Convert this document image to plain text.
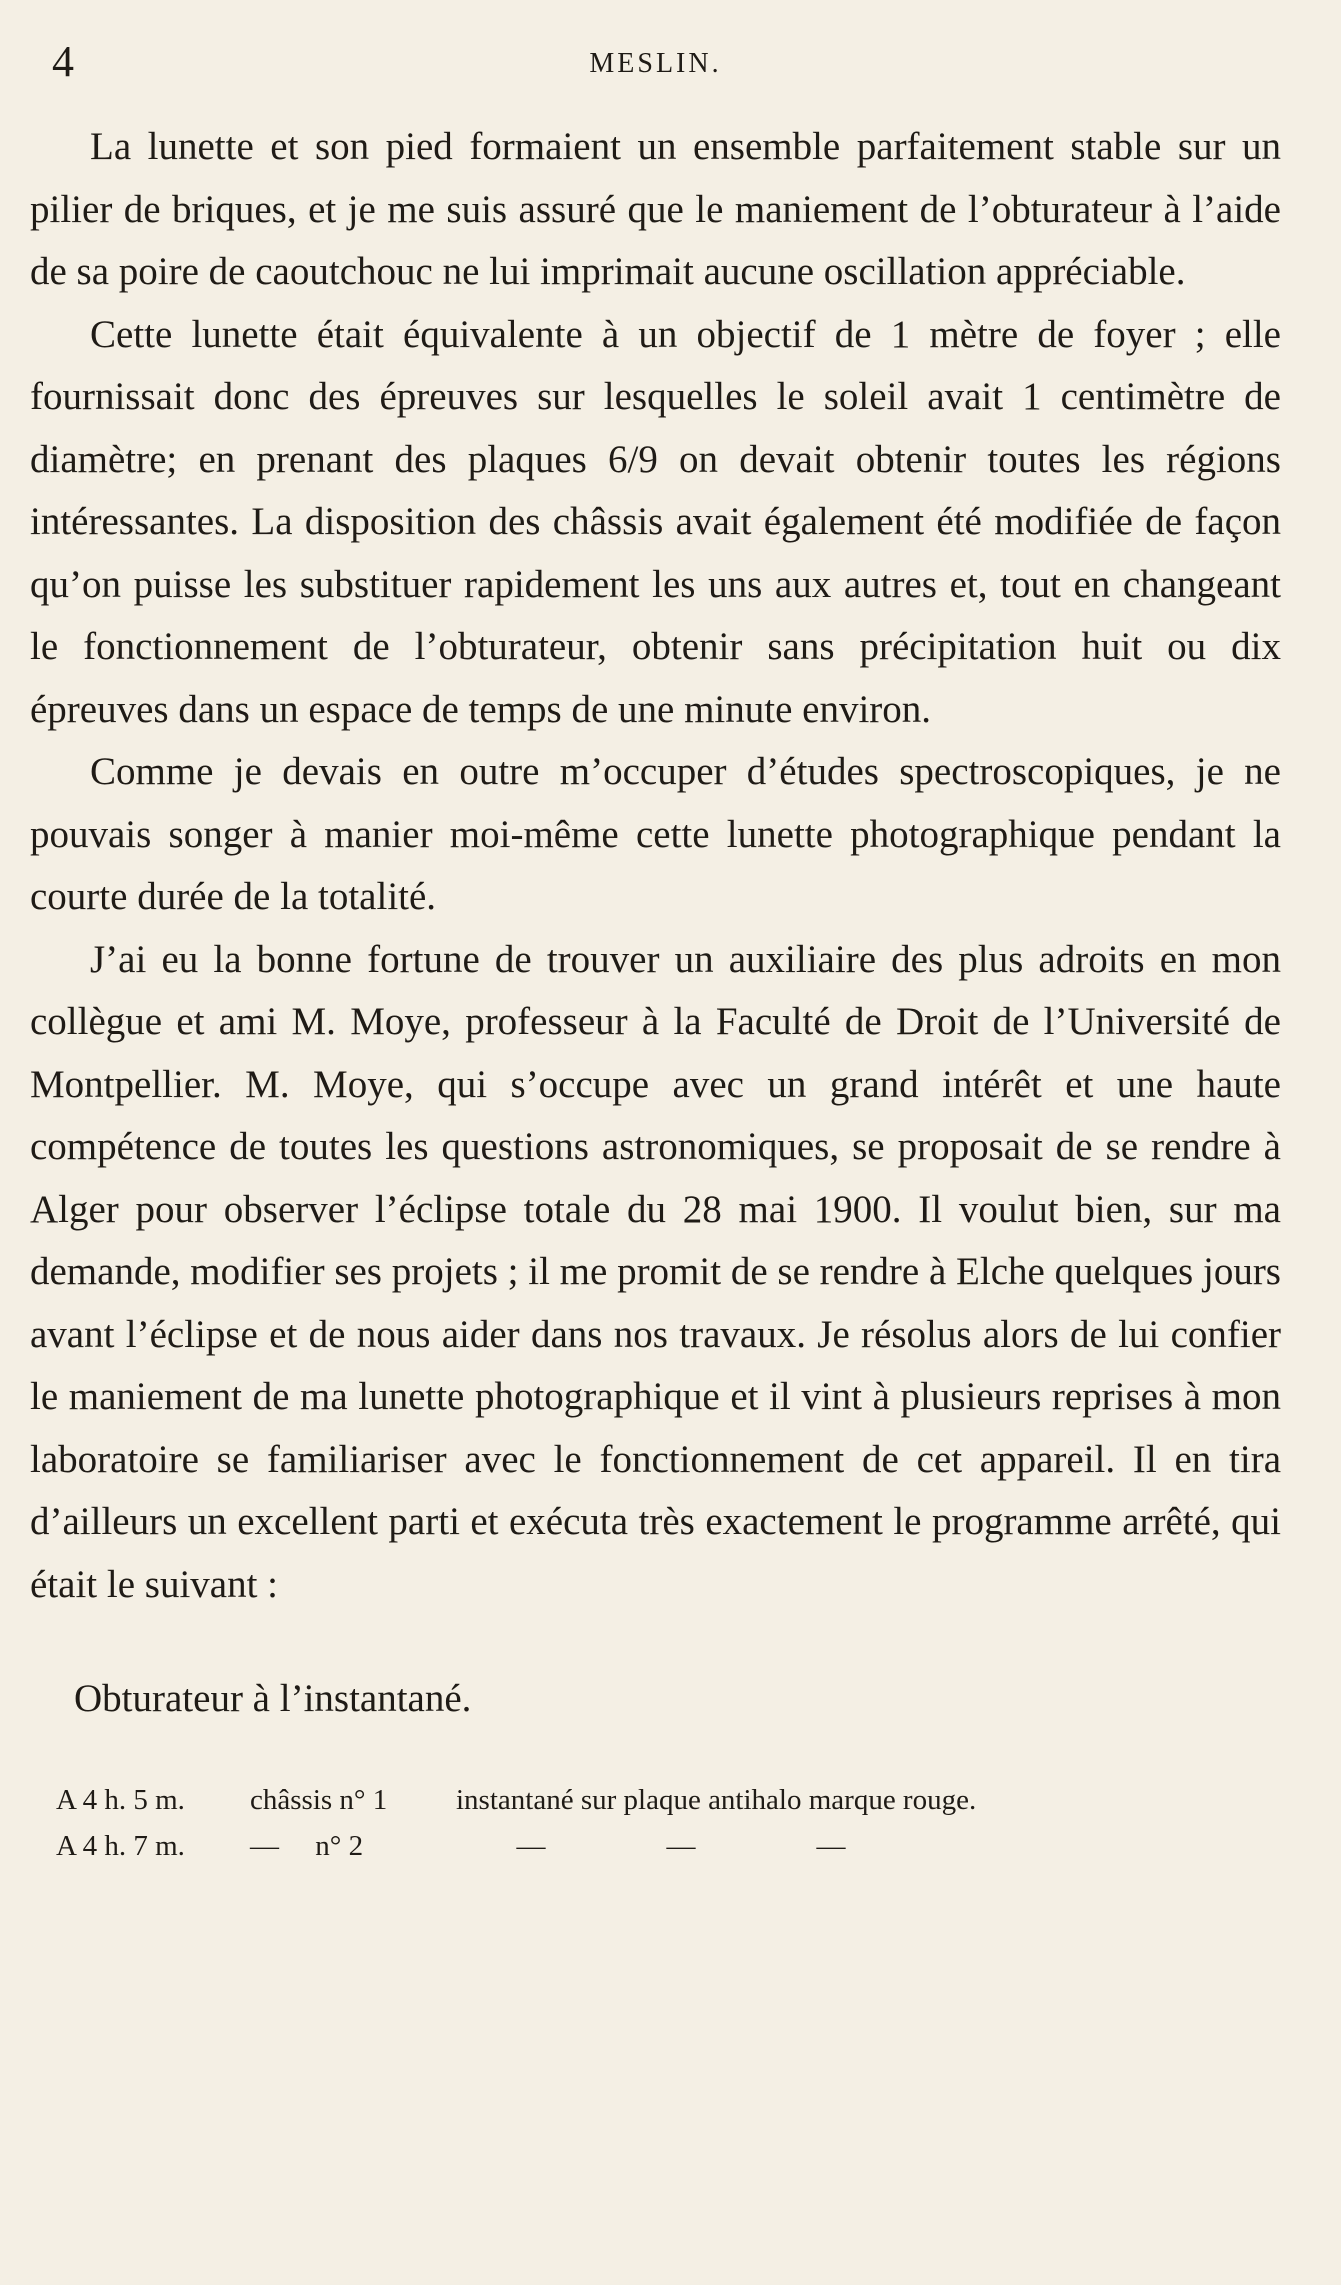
4	MESLIN.

La lunette et son pied formaient un ensemble parfaitement stable sur un pilier de briques, et je me suis assuré que le maniement de l’obturateur à l’aide de sa poire de caoutchouc ne lui imprimait aucune oscillation appréciable.

Cette lunette était équivalente à un objectif de 1 mètre de foyer ; elle fournissait donc des épreuves sur lesquelles le soleil avait 1 centimètre de diamètre; en prenant des plaques 6/9 on devait obtenir toutes les régions intéressantes. La disposition des châssis avait également été modifiée de façon qu’on puisse les substituer rapidement les uns aux autres et, tout en changeant le fonctionnement de l’obturateur, obtenir sans précipitation huit ou dix épreuves dans un espace de temps de une minute environ.

Comme je devais en outre m’occuper d’études spectroscopiques, je ne pouvais songer à manier moi-même cette lunette photographique pendant la courte durée de la totalité.

J’ai eu la bonne fortune de trouver un auxiliaire des plus adroits en mon collègue et ami M. Moye, professeur à la Faculté de Droit de l’Université de Montpellier. M. Moye, qui s’occupe avec un grand intérêt et une haute compétence de toutes les questions astronomiques, se proposait de se rendre à Alger pour observer l’éclipse totale du 28 mai 1900. Il voulut bien, sur ma demande, modifier ses projets ; il me promit de se rendre à Elche quelques jours avant l’éclipse et de nous aider dans nos travaux. Je résolus alors de lui confier le maniement de ma lunette photographique et il vint à plusieurs reprises à mon laboratoire se familiariser avec le fonctionnement de cet appareil. Il en tira d’ailleurs un excellent parti et exécuta très exactement le programme arrêté, qui était le suivant :

Obturateur à l’instantané.
A 4 h. 5 m.	châssis n° 1	instantané sur plaque antihalo marque rouge.
A 4 h. 7 m.	—     n° 2	—	—	—
